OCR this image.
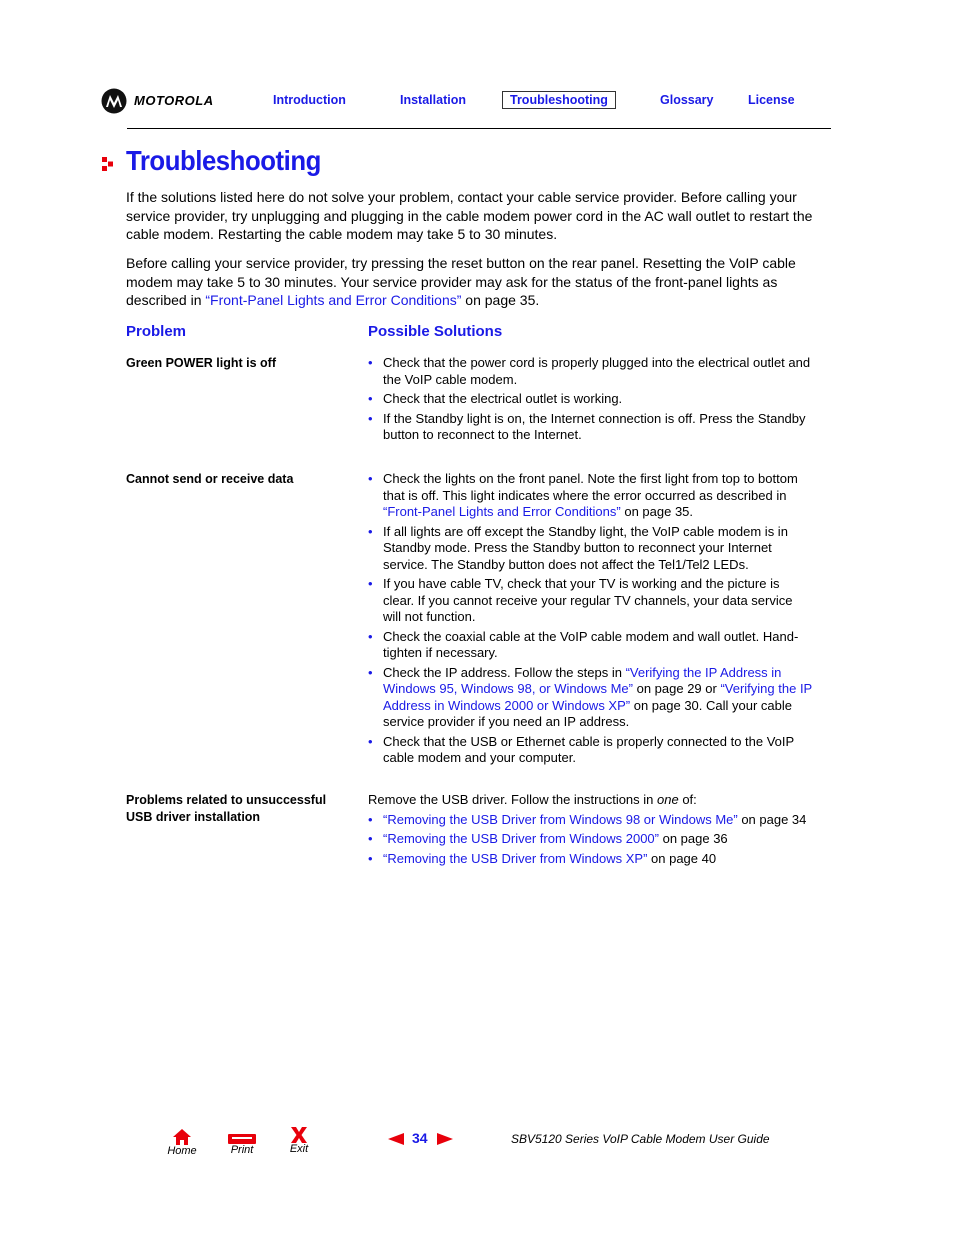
MOTOROLA	Introduction	Installation	Troubleshooting	Glossary	License
Troubleshooting
If the solutions listed here do not solve your problem, contact your cable service provider. Before calling your service provider, try unplugging and plugging in the cable modem power cord in the AC wall outlet to restart the cable modem. Restarting the cable modem may take 5 to 30 minutes.
Before calling your service provider, try pressing the reset button on the rear panel. Resetting the VoIP cable modem may take 5 to 30 minutes. Your service provider may ask for the status of the front-panel lights as described in “Front-Panel Lights and Error Conditions” on page 35.
Problem	Possible Solutions
Green POWER light is off	• Check that the power cord is properly plugged into the electrical outlet and the VoIP cable modem.
• Check that the electrical outlet is working.
• If the Standby light is on, the Internet connection is off. Press the Standby button to reconnect to the Internet.
Cannot send or receive data	• Check the lights on the front panel. Note the first light from top to bottom that is off. This light indicates where the error occurred as described in “Front-Panel Lights and Error Conditions” on page 35.
• If all lights are off except the Standby light, the VoIP cable modem is in Standby mode. Press the Standby button to reconnect your Internet service. The Standby button does not affect the Tel1/Tel2 LEDs.
• If you have cable TV, check that your TV is working and the picture is clear. If you cannot receive your regular TV channels, your data service will not function.
• Check the coaxial cable at the VoIP cable modem and wall outlet. Hand-tighten if necessary.
• Check the IP address. Follow the steps in “Verifying the IP Address in Windows 95, Windows 98, or Windows Me” on page 29 or “Verifying the IP Address in Windows 2000 or Windows XP” on page 30. Call your cable service provider if you need an IP address.
• Check that the USB or Ethernet cable is properly connected to the VoIP cable modem and your computer.
Problems related to unsuccessful USB driver installation
Remove the USB driver. Follow the instructions in one of:
• “Removing the USB Driver from Windows 98 or Windows Me” on page 34
• “Removing the USB Driver from Windows 2000” on page 36
• “Removing the USB Driver from Windows XP” on page 40
Home	Print	Exit
34	SBV5120 Series VoIP Cable Modem User Guide
